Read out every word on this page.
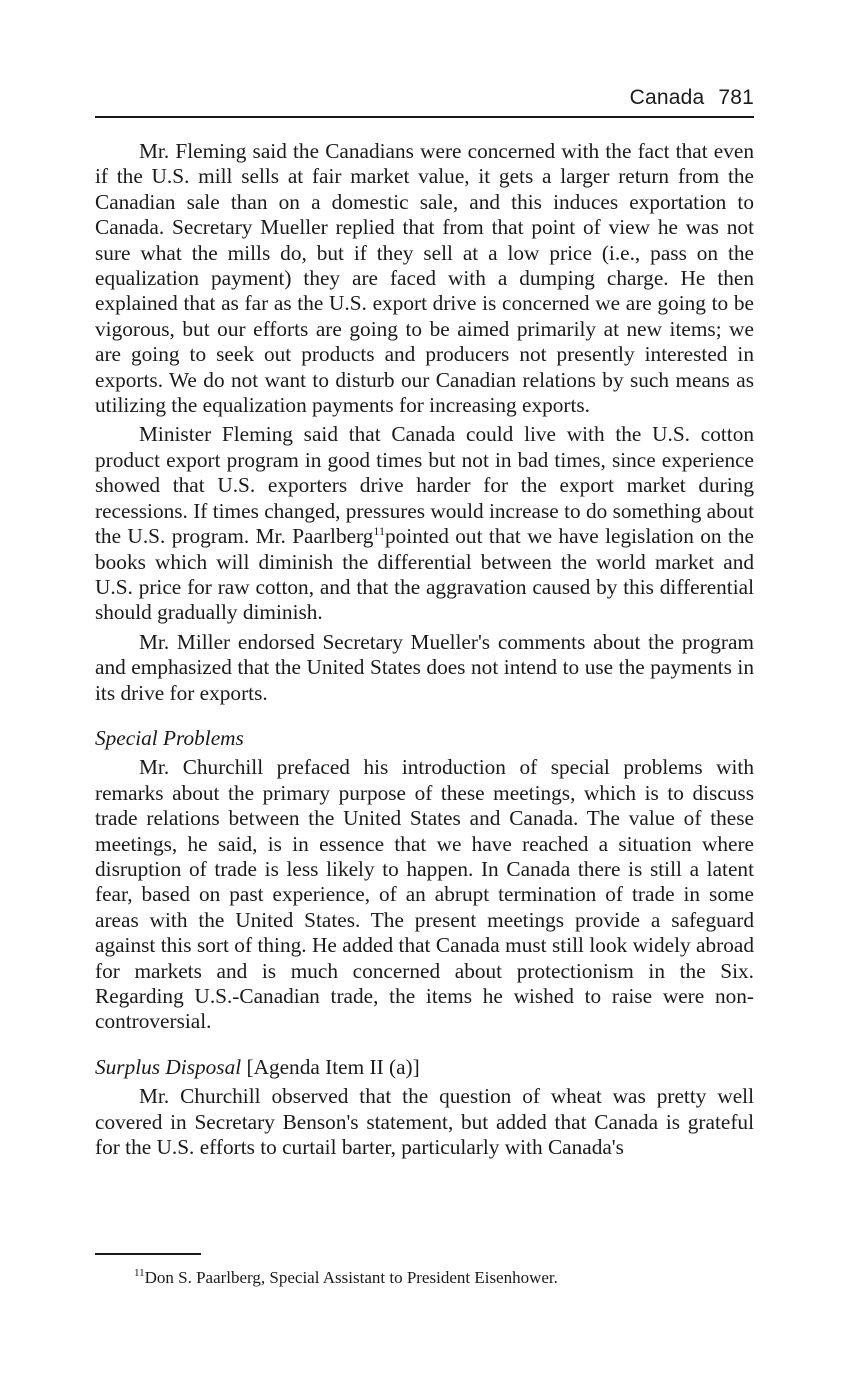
Canada 781

Mr. Fleming said the Canadians were concerned with the fact that even if the U.S. mill sells at fair market value, it gets a larger return from the Canadian sale than on a domestic sale, and this induces exportation to Canada. Secretary Mueller replied that from that point of view he was not sure what the mills do, but if they sell at a low price (i.e., pass on the equalization payment) they are faced with a dumping charge. He then explained that as far as the U.S. export drive is concerned we are going to be vigorous, but our efforts are going to be aimed primarily at new items; we are going to seek out products and producers not presently interested in exports. We do not want to disturb our Canadian relations by such means as utilizing the equalization payments for increasing exports.

Minister Fleming said that Canada could live with the U.S. cotton product export program in good times but not in bad times, since experience showed that U.S. exporters drive harder for the export market during recessions. If times changed, pressures would increase to do something about the U.S. program. Mr. Paarlberg$^{11}$pointed out that we have legislation on the books which will diminish the differential between the world market and U.S. price for raw cotton, and that the aggravation caused by this differential should gradually diminish.

Mr. Miller endorsed Secretary Mueller's comments about the program and emphasized that the United States does not intend to use the payments in its drive for exports.

Special Problems

Mr. Churchill prefaced his introduction of special problems with remarks about the primary purpose of these meetings, which is to discuss trade relations between the United States and Canada. The value of these meetings, he said, is in essence that we have reached a situation where disruption of trade is less likely to happen. In Canada there is still a latent fear, based on past experience, of an abrupt termination of trade in some areas with the United States. The present meetings provide a safeguard against this sort of thing. He added that Canada must still look widely abroad for markets and is much concerned about protectionism in the Six. Regarding U.S.-Canadian trade, the items he wished to raise were non-controversial.

Surplus Disposal [Agenda Item II (a)]

Mr. Churchill observed that the question of wheat was pretty well covered in Secretary Benson's statement, but added that Canada is grateful for the U.S. efforts to curtail barter, particularly with Canada's

$^{11}$Don S. Paarlberg, Special Assistant to President Eisenhower.
